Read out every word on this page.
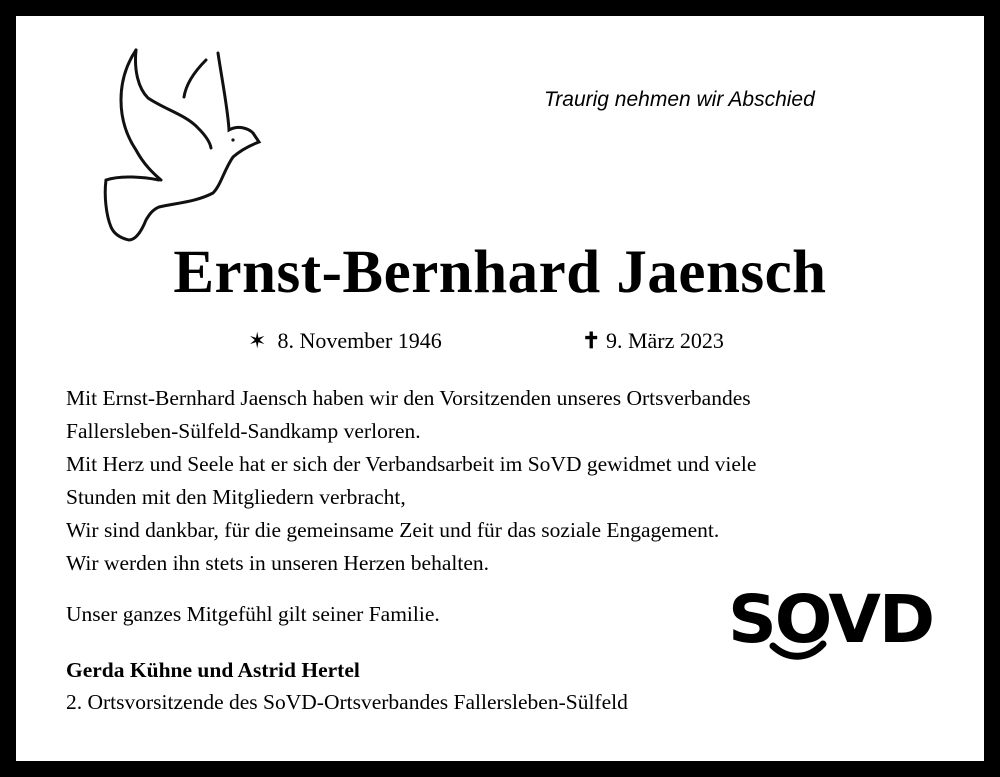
Traurig nehmen wir Abschied
Ernst-Bernhard Jaensch
✶ 8. November 1946	✝ 9. März 2023
Mit Ernst-Bernhard Jaensch haben wir den Vorsitzenden unseres Ortsverbandes
Fallersleben-Sülfeld-Sandkamp verloren.
Mit Herz und Seele hat er sich der Verbandsarbeit im SoVD gewidmet und viele
Stunden mit den Mitgliedern verbracht,
Wir sind dankbar, für die gemeinsame Zeit und für das soziale Engagement.
Wir werden ihn stets in unseren Herzen behalten.
Unser ganzes Mitgefühl gilt seiner Familie.
Gerda Kühne und Astrid Hertel
2. Ortsvorsitzende des SoVD-Ortsverbandes Fallersleben-Sülfeld
SOVD
